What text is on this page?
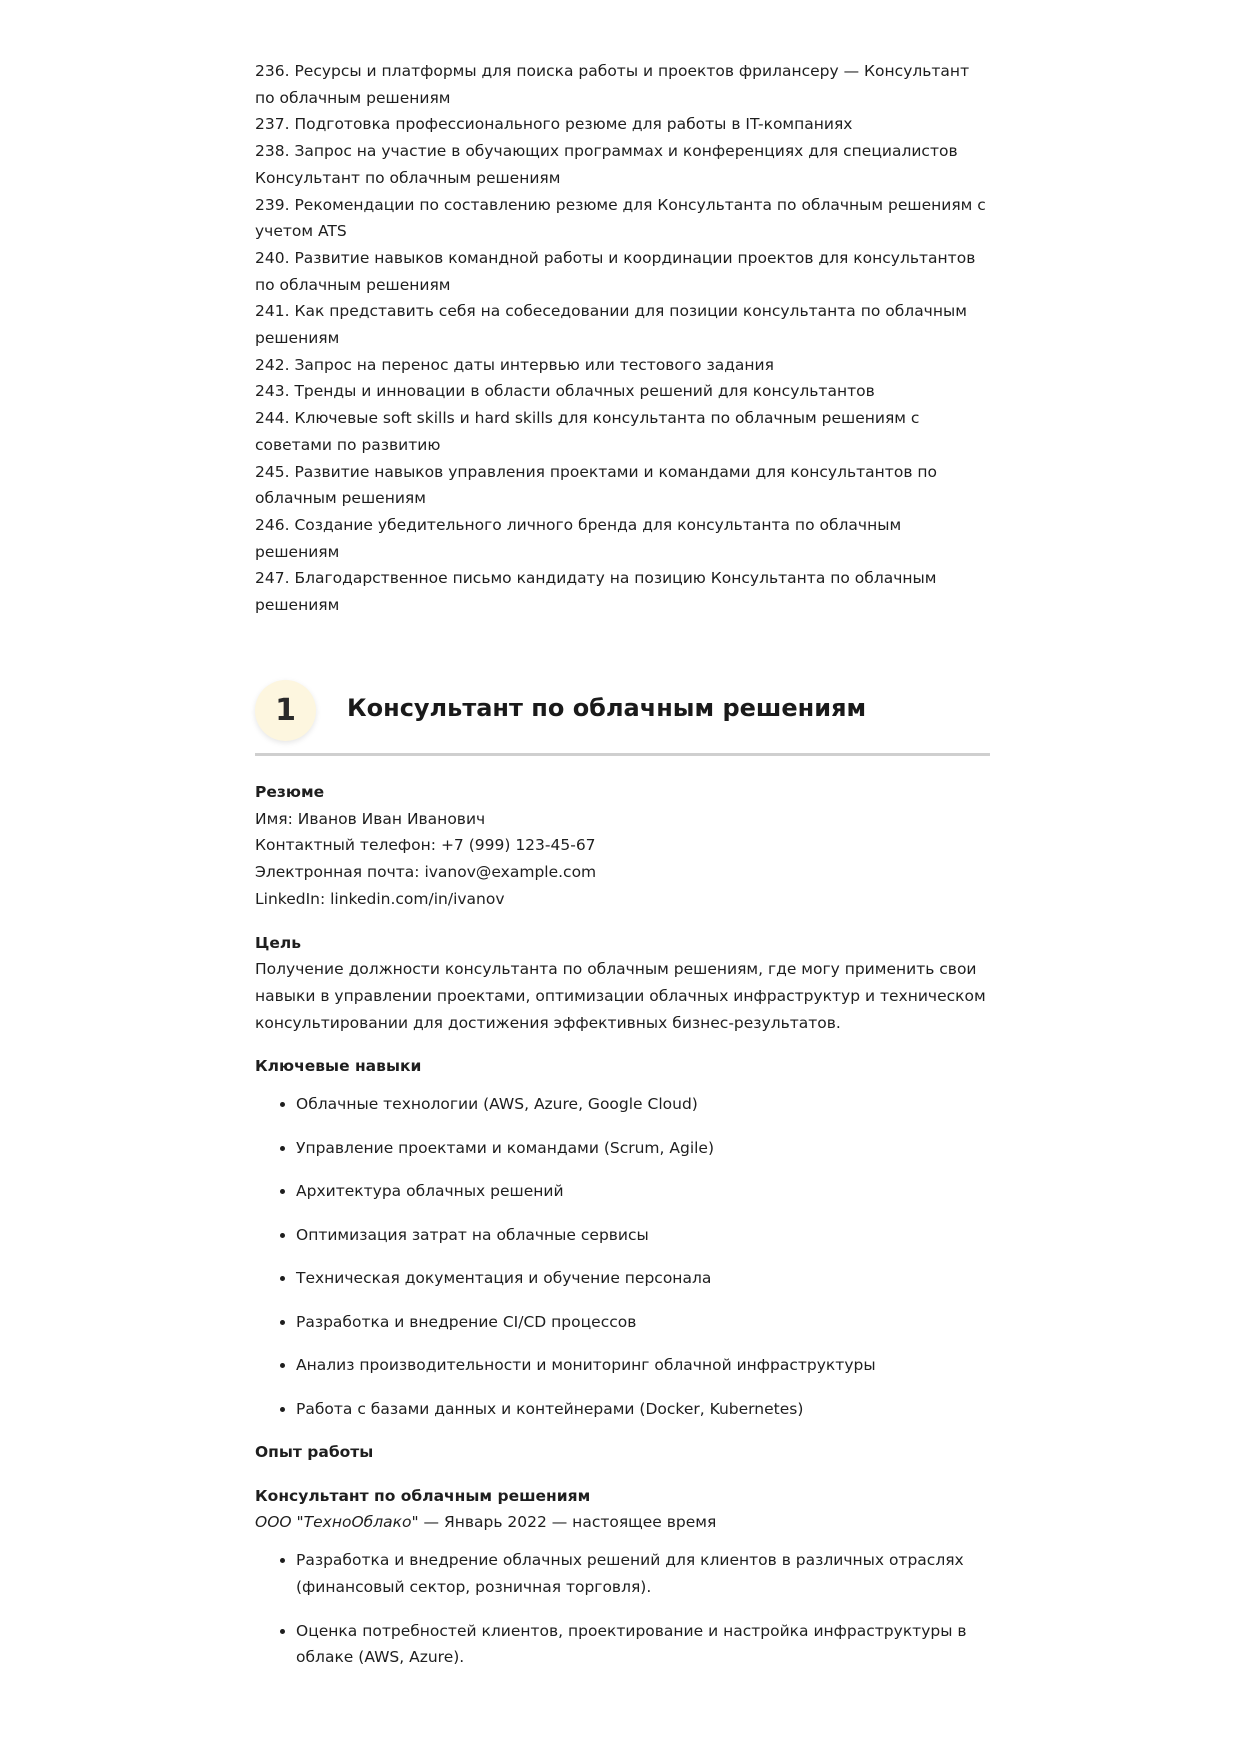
236. Ресурсы и платформы для поиска работы и проектов фрилансеру — Консультант по облачным решениям
237. Подготовка профессионального резюме для работы в IT-компаниях
238. Запрос на участие в обучающих программах и конференциях для специалистов Консультант по облачным решениям
239. Рекомендации по составлению резюме для Консультанта по облачным решениям с учетом ATS
240. Развитие навыков командной работы и координации проектов для консультантов по облачным решениям
241. Как представить себя на собеседовании для позиции консультанта по облачным решениям
242. Запрос на перенос даты интервью или тестового задания
243. Тренды и инновации в области облачных решений для консультантов
244. Ключевые soft skills и hard skills для консультанта по облачным решениям с советами по развитию
245. Развитие навыков управления проектами и командами для консультантов по облачным решениям
246. Создание убедительного личного бренда для консультанта по облачным решениям
247. Благодарственное письмо кандидату на позицию Консультанта по облачным решениям
1	Консультант по облачным решениям

Резюме

Имя: Иванов Иван Иванович

Контактный телефон: +7 (999) 123-45-67

Электронная почта: ivanov@example.com

LinkedIn: linkedin.com/in/ivanov

Цель

Получение должности консультанта по облачным решениям, где могу применить свои навыки в управлении проектами, оптимизации облачных инфраструктур и техническом консультировании для достижения эффективных бизнес-результатов.

Ключевые навыки

• Облачные технологии (AWS, Azure, Google Cloud)
• Управление проектами и командами (Scrum, Agile)
• Архитектура облачных решений
• Оптимизация затрат на облачные сервисы
• Техническая документация и обучение персонала
• Разработка и внедрение CI/CD процессов
• Анализ производительности и мониторинг облачной инфраструктуры
• Работа с базами данных и контейнерами (Docker, Kubernetes)

Опыт работы

Консультант по облачным решениям

ООО "ТехноОблако" — Январь 2022 — настоящее время

• Разработка и внедрение облачных решений для клиентов в различных отраслях (финансовый сектор, розничная торговля).
• Оценка потребностей клиентов, проектирование и настройка инфраструктуры в облаке (AWS, Azure).
